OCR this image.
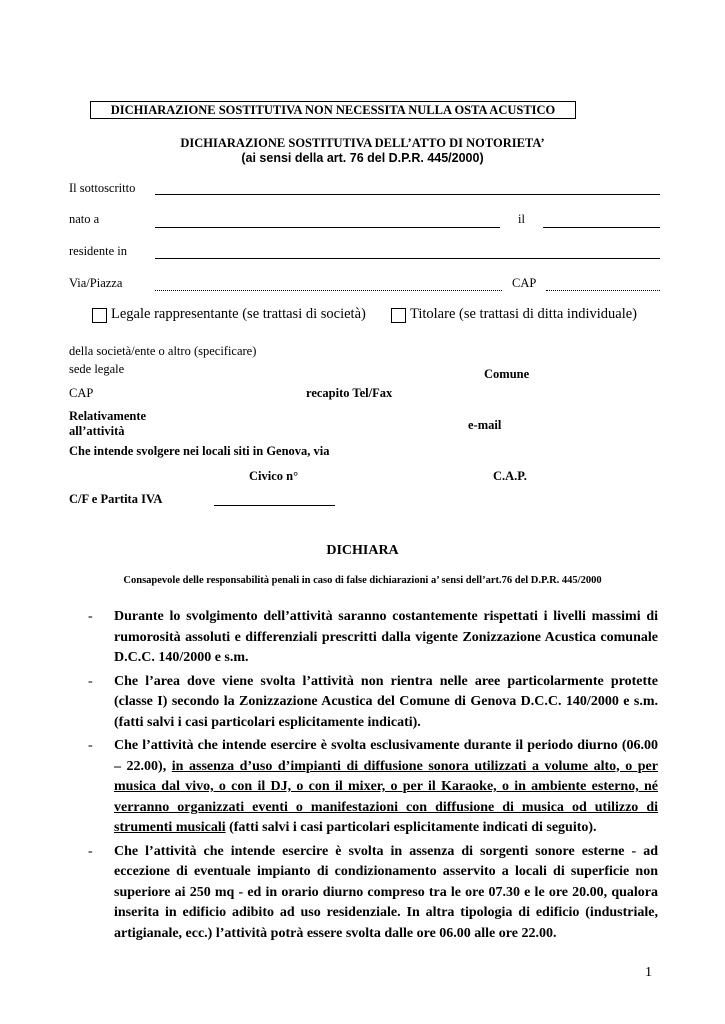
DICHIARAZIONE SOSTITUTIVA NON NECESSITA NULLA OSTA ACUSTICO
DICHIARAZIONE SOSTITUTIVA DELL’ATTO DI NOTORIETA’
(ai sensi della art. 76 del D.P.R. 445/2000)
Il sottoscritto
nato a	il
residente in
Via/Piazza	CAP
Legale rappresentante (se trattasi di società)	Titolare (se trattasi di ditta individuale)
della società/ente o altro (specificare)
sede legale	Comune
CAP	recapito Tel/Fax
Relativamente
all’attività	e-mail
Che intende svolgere nei locali siti in Genova, via
Civico n°	C.A.P.
C/F e Partita IVA
DICHIARA
Consapevole delle responsabilità penali in caso di false dichiarazioni a’ sensi dell’art.76 del D.P.R. 445/2000
- Durante lo svolgimento dell’attività saranno costantemente rispettati i livelli massimi di rumorosità assoluti e differenziali prescritti dalla vigente Zonizzazione Acustica comunale D.C.C. 140/2000 e s.m.
- Che l’area dove viene svolta l’attività non rientra nelle aree particolarmente protette (classe I) secondo la Zonizzazione Acustica del Comune di Genova D.C.C. 140/2000 e s.m. (fatti salvi i casi particolari esplicitamente indicati).
- Che l’attività che intende esercire è svolta esclusivamente durante il periodo diurno (06.00 – 22.00), in assenza d’uso d’impianti di diffusione sonora utilizzati a volume alto, o per musica dal vivo, o con il DJ, o con il mixer, o per il Karaoke, o in ambiente esterno, né verranno organizzati eventi o manifestazioni con diffusione di musica od utilizzo di strumenti musicali (fatti salvi i casi particolari esplicitamente indicati di seguito).
- Che l’attività che intende esercire è svolta in assenza di sorgenti sonore esterne - ad eccezione di eventuale impianto di condizionamento asservito a locali di superficie non superiore ai 250 mq - ed in orario diurno compreso tra le ore 07.30 e le ore 20.00, qualora inserita in edificio adibito ad uso residenziale. In altra tipologia di edificio (industriale, artigianale, ecc.) l’attività potrà essere svolta dalle ore 06.00 alle ore 22.00.
1
